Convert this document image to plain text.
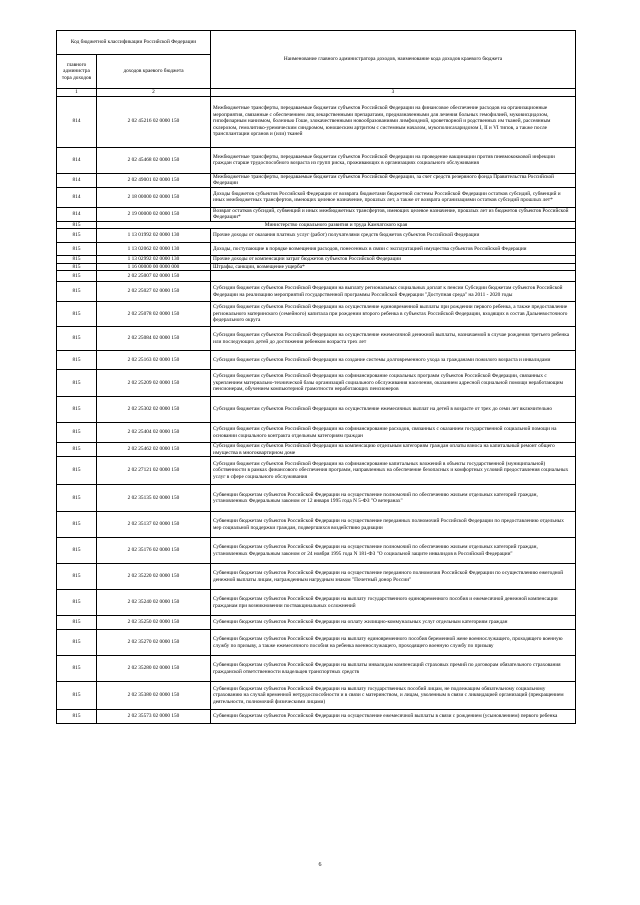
Код бюджетной классификации Российской Федерации		Наименование главного администратора доходов, наименование кода доходов краевого бюджета
главного администра тора доходов	доходов краевого бюджета	
1	2	3
814	2 02 45216 02 0000 150	Межбюджетные трансферты, передаваемые бюджетам субъектов Российской Федерации на финансовое обеспечение расходов на организационные мероприятия, связанные с обеспечением лиц лекарственными препаратами, предназначенными для лечения больных гемофилией, муковисцидозом, гипофизарным нанизмом, болезнью Гоше, злокачественными новообразованиями лимфоидной, кроветворной и родственных им тканей, рассеянным склерозом, гемолитико-уремическим синдромом, юношеским артритом с системным началом, мукополисахаридозом I, II и VI типов, а также после трансплантации органов и (или) тканей
814	2 02 45468 02 0000 150	Межбюджетные трансферты, передаваемые бюджетам субъектов Российской Федерации на проведение вакцинации против пневмококковой инфекции граждан старше трудоспособного возраста из групп риска, проживающих в организациях социального обслуживания
814	2 02 49001 02 0000 150	Межбюджетные трансферты, передаваемые бюджетам субъектов Российской Федерации, за счет средств резервного фонда Правительства Российской Федерации
814	2 18 00000 02 0000 150	Доходы бюджетов субъектов Российской Федерации от возврата бюджетами бюджетной системы Российской Федерации остатков субсидий, субвенций и иных межбюджетных трансфертов, имеющих целевое назначение, прошлых лет, а также от возврата организациями остатков субсидий прошлых лет*
814	2 19 00000 02 0000 150	Возврат остатков субсидий, субвенций и иных межбюджетных трансфертов, имеющих целевое назначение, прошлых лет из бюджетов субъектов Российской Федерации*
815	Министерство социального развития и труда Камчатского края	
815	1 13 01992 02 0000 130	Прочие доходы от оказания платных услуг (работ) получателями средств бюджетов субъектов Российской Федерации
815	1 13 02062 02 0000 130	Доходы, поступающие в порядке возмещения расходов, понесенных в связи с эксплуатацией имущества субъектов Российской Федерации
815	1 13 02992 02 0000 130	Прочие доходы от компенсации затрат бюджетов субъектов Российской Федерации
815	1 16 00000 00 0000 000	Штрафы, санкции, возмещение ущерба*
815	2 02 25007 02 0000 150	
815	2 02 25027 02 0000 150	Субсидии бюджетам субъектов Российской Федерации на выплату региональных социальных доплат к пенсии Субсидии бюджетам субъектов Российской Федерации на реализацию мероприятий государственной программы Российской Федерации "Доступная среда" на 2011 - 2020 годы
815	2 02 25078 02 0000 150	Субсидии бюджетам субъектов Российской Федерации на осуществление единовременной выплаты при рождении первого ребенка, а также предоставление регионального материнского (семейного) капитала при рождении второго ребенка в субъектах Российской Федерации, входящих в состав Дальневосточного федерального округа
815	2 02 25084 02 0000 150	Субсидии бюджетам субъектов Российской Федерации на осуществление ежемесячной денежной выплаты, назначаемой в случае рождения третьего ребенка или последующих детей до достижения ребенком возраста трех лет
815	2 02 25163 02 0000 150	Субсидии бюджетам субъектов Российской Федерации на создание системы долговременного ухода за гражданами пожилого возраста и инвалидами
815	2 02 25209 02 0000 150	Субсидии бюджетам субъектов Российской Федерации на софинансирование социальных программ субъектов Российской Федерации, связанных с укреплением материально-технической базы организаций социального обслуживания населения, оказанием адресной социальной помощи неработающим пенсионерам, обучением компьютерной грамотности неработающих пенсионеров
815	2 02 25302 02 0000 150	Субсидии бюджетам субъектов Российской Федерации на осуществление ежемесячных выплат на детей в возрасте от трех до семи лет включительно
815	2 02 25404 02 0000 150	Субсидии бюджетам субъектов Российской Федерации на софинансирование расходов, связанных с оказанием государственной социальной помощи на основании социального контракта отдельным категориям граждан
815	2 02 25462 02 0000 150	Субсидии бюджетам субъектов Российской Федерации на компенсацию отдельным категориям граждан оплаты взноса на капитальный ремонт общего имущества в многоквартирном доме
815	2 02 27121 02 0000 150	Субсидии бюджетам субъектов Российской Федерации на софинансирование капитальных вложений в объекты государственной (муниципальной) собственности в рамках финансового обеспечения программ, направленных на обеспечение безопасных и комфортных условий предоставления социальных услуг в сфере социального обслуживания
815	2 02 35135 02 0000 150	Субвенции бюджетам субъектов Российской Федерации на осуществление полномочий по обеспечению жильем отдельных категорий граждан, установленных Федеральным законом от 12 января 1995 года N 5-ФЗ "О ветеранах"
815	2 02 35137 02 0000 150	Субвенции бюджетам субъектов Российской Федерации на осуществление переданных полномочий Российской Федерации по предоставлению отдельных мер социальной поддержки граждан, подвергшихся воздействию радиации
815	2 02 35176 02 0000 150	Субвенции бюджетам субъектов Российской Федерации на осуществление полномочий по обеспечению жильем отдельных категорий граждан, установленных Федеральным законом от 24 ноября 1995 года N 181-ФЗ "О социальной защите инвалидов в Российской Федерации"
815	2 02 35220 02 0000 150	Субвенции бюджетам субъектов Российской Федерации на осуществление переданного полномочия Российской Федерации по осуществлению ежегодной денежной выплаты лицам, награжденным нагрудным знаком "Почетный донор России"
815	2 02 35240 02 0000 150	Субвенции бюджетам субъектов Российской Федерации на выплату государственного единовременного пособия и ежемесячной денежной компенсации гражданам при возникновении поствакцинальных осложнений
815	2 02 35250 02 0000 150	Субвенции бюджетам субъектов Российской Федерации на оплату жилищно-коммунальных услуг отдельным категориям граждан
815	2 02 35270 02 0000 150	Субвенции бюджетам субъектов Российской Федерации на выплату единовременного пособия беременной жене военнослужащего, проходящего военную службу по призыву, а также ежемесячного пособия на ребенка военнослужащего, проходящего военную службу по призыву
815	2 02 35280 02 0000 150	Субвенции бюджетам субъектов Российской Федерации на выплаты инвалидам компенсаций страховых премий по договорам обязательного страхования гражданской ответственности владельцев транспортных средств
815	2 02 35380 02 0000 150	Субвенции бюджетам субъектов Российской Федерации на выплату государственных пособий лицам, не подлежащим обязательному социальному страхованию на случай временной нетрудоспособности и в связи с материнством, и лицам, уволенным в связи с ликвидацией организаций (прекращением деятельности, полномочий физическими лицами)
815	2 02 35573 02 0000 150	Субвенции бюджетам субъектов Российской Федерации на осуществление ежемесячной выплаты в связи с рождением (усыновлением) первого ребенка
6
